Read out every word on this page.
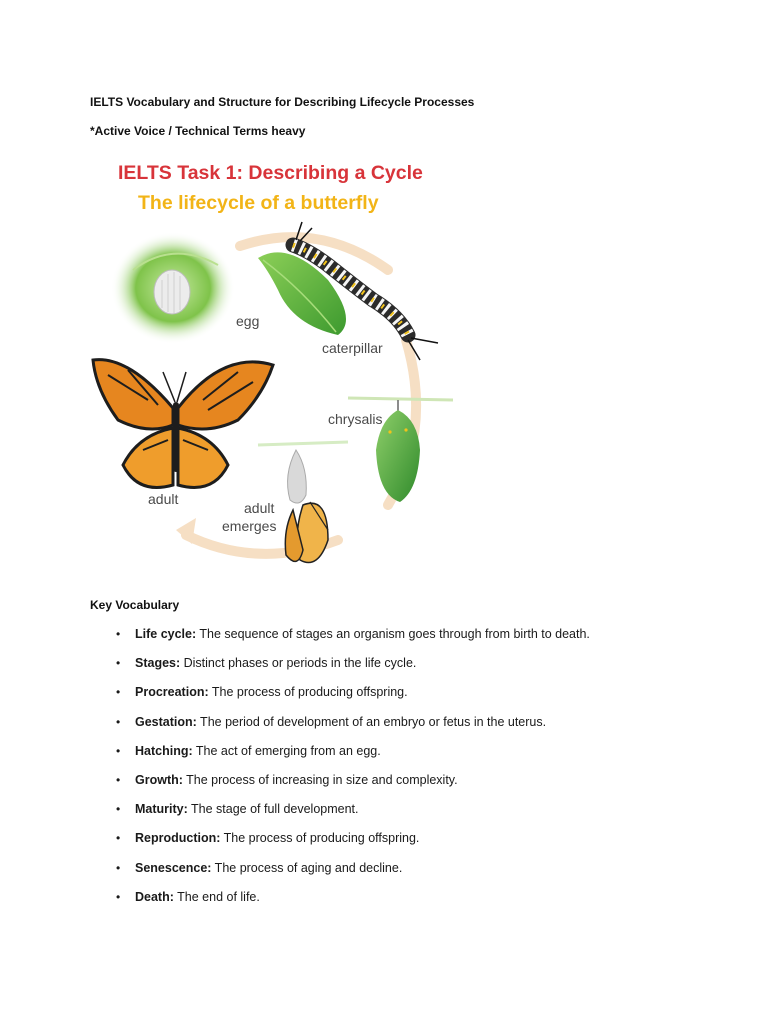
IELTS Vocabulary and Structure for Describing Lifecycle Processes
*Active Voice / Technical Terms heavy
IELTS Task 1: Describing a Cycle
The lifecycle of a butterfly
egg
caterpillar
chrysalis
adult
emerges
adult
Key Vocabulary
• Life cycle: The sequence of stages an organism goes through from birth to death.
• Stages: Distinct phases or periods in the life cycle.
• Procreation: The process of producing offspring.
• Gestation: The period of development of an embryo or fetus in the uterus.
• Hatching: The act of emerging from an egg.
• Growth: The process of increasing in size and complexity.
• Maturity: The stage of full development.
• Reproduction: The process of producing offspring.
• Senescence: The process of aging and decline.
• Death: The end of life.
